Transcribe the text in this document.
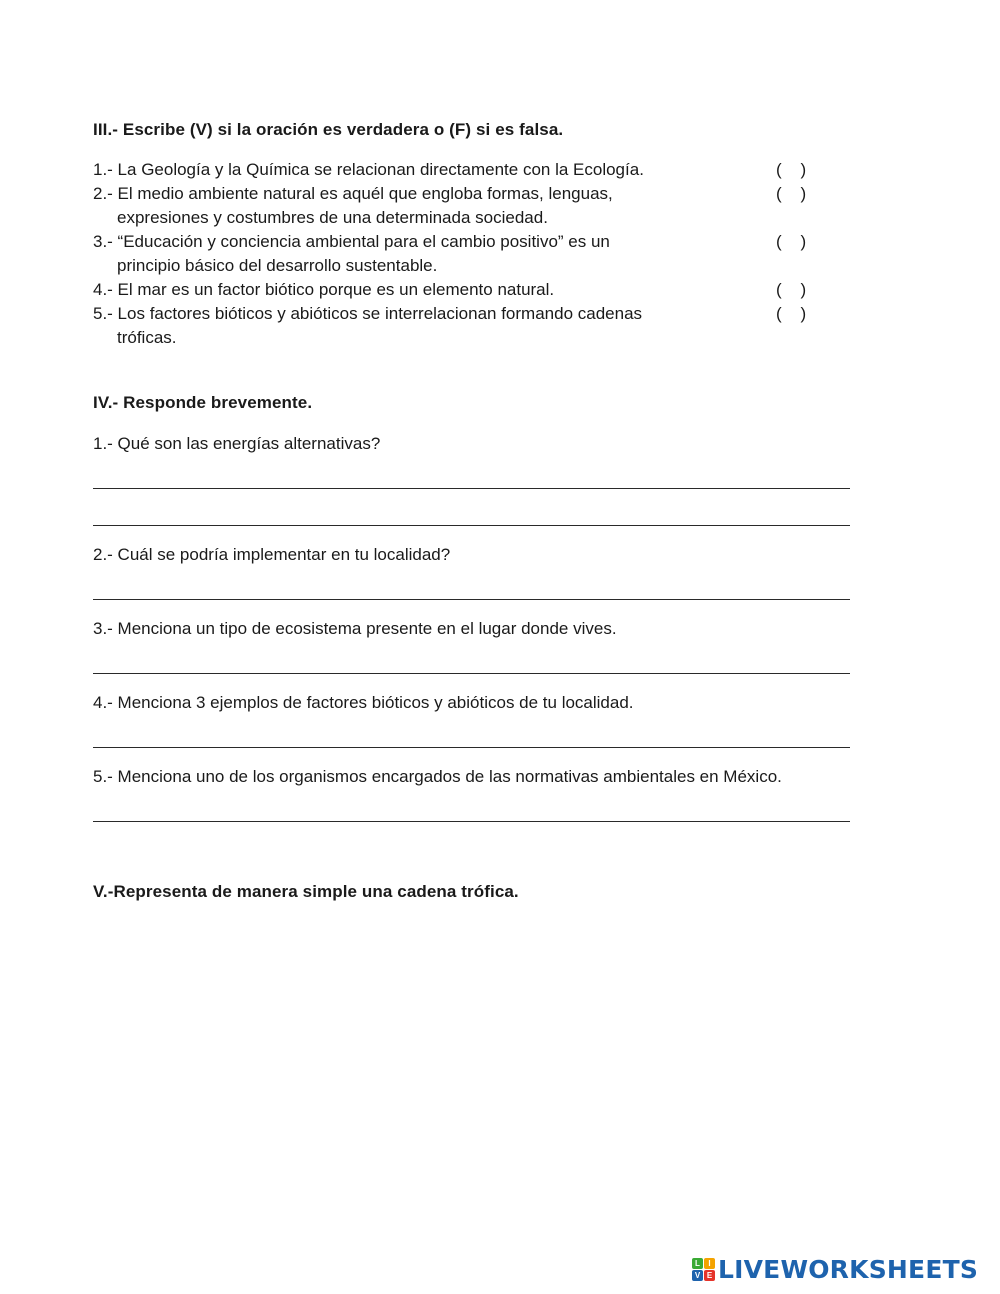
III.- Escribe (V) si la oración es verdadera o (F) si es falsa.
1.- La Geología y la Química se relacionan directamente con la Ecología.	(    )
2.- El medio ambiente natural es aquél que engloba formas, lenguas,
expresiones y costumbres de una determinada sociedad.
(    )
3.- “Educación y conciencia ambiental para el cambio positivo” es un
principio básico del desarrollo sustentable.
(    )
4.- El mar es un factor biótico porque es un elemento natural.	(    )
5.- Los factores bióticos y abióticos se interrelacionan formando cadenas
tróficas.
(    )
IV.- Responde brevemente.
1.- Qué son las energías alternativas?
2.- Cuál se podría implementar en tu localidad?
3.- Menciona un tipo de ecosistema presente en el lugar donde vives.
4.- Menciona 3 ejemplos de factores bióticos y abióticos de tu localidad.
5.- Menciona uno de los organismos encargados de las normativas ambientales en México.
V.-Representa de manera simple una cadena trófica.
L	I
V E LIVEWORKSHEETS
